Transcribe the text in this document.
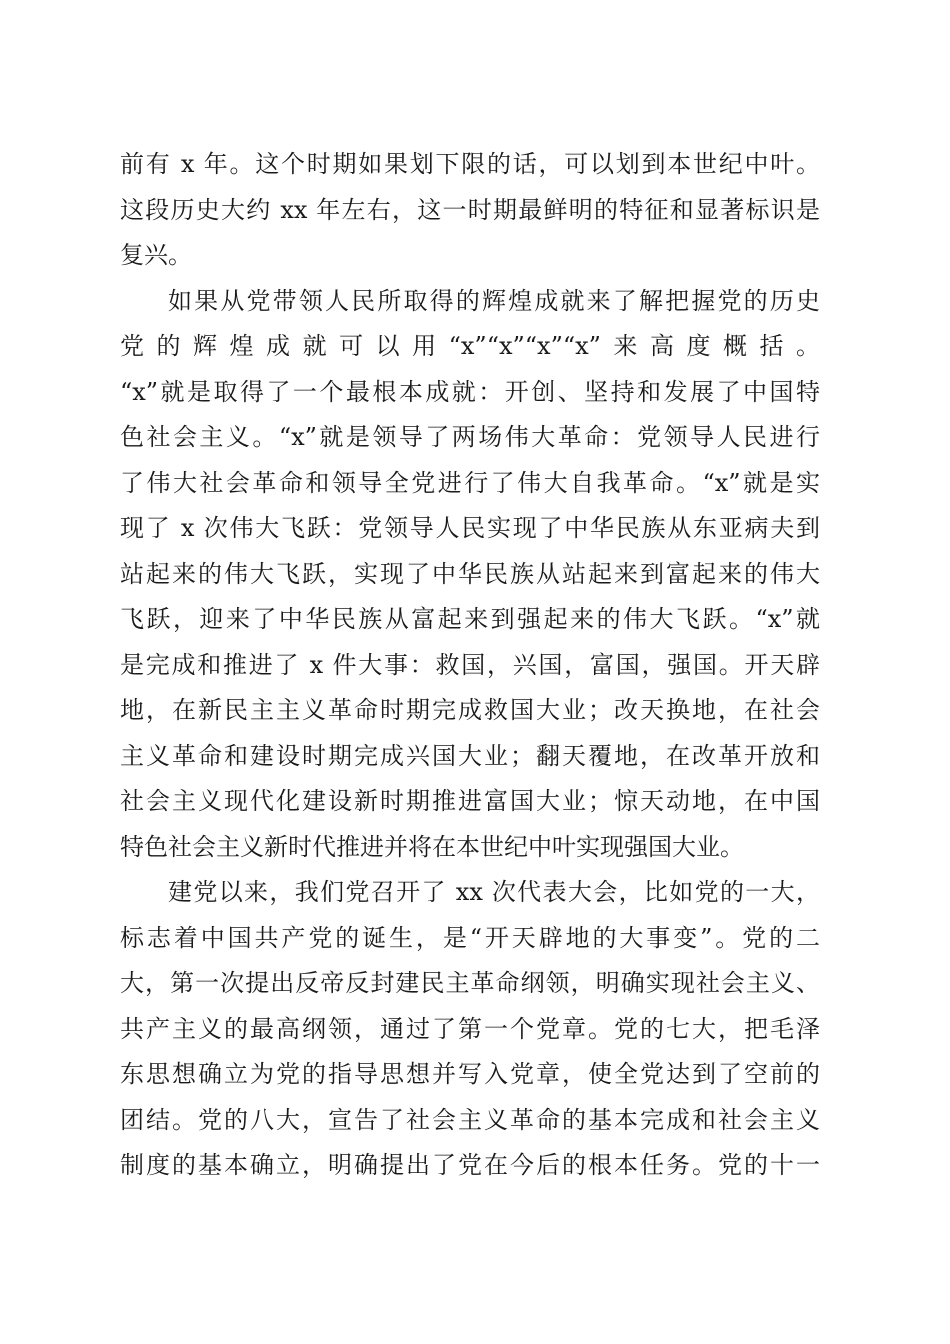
前有 x 年。这个时期如果划下限的话，可以划到本世纪中叶。
这段历史大约 xx 年左右，这一时期最鲜明的特征和显著标识是
复兴。
如果从党带领人民所取得的辉煌成就来了解把握党的历史
党的辉煌成就可以用“x”“x”“x”“x”来高度概括。
“x”就是取得了一个最根本成就：开创、坚持和发展了中国特
色社会主义。“x”就是领导了两场伟大革命：党领导人民进行
了伟大社会革命和领导全党进行了伟大自我革命。“x”就是实
现了 x 次伟大飞跃：党领导人民实现了中华民族从东亚病夫到
站起来的伟大飞跃，实现了中华民族从站起来到富起来的伟大
飞跃，迎来了中华民族从富起来到强起来的伟大飞跃。“x”就
是完成和推进了 x 件大事：救国，兴国，富国，强国。开天辟
地，在新民主主义革命时期完成救国大业；改天换地，在社会
主义革命和建设时期完成兴国大业；翻天覆地，在改革开放和
社会主义现代化建设新时期推进富国大业；惊天动地，在中国
特色社会主义新时代推进并将在本世纪中叶实现强国大业。
建党以来，我们党召开了 xx 次代表大会，比如党的一大，
标志着中国共产党的诞生，是“开天辟地的大事变”。党的二
大，第一次提出反帝反封建民主革命纲领，明确实现社会主义、
共产主义的最高纲领，通过了第一个党章。党的七大，把毛泽
东思想确立为党的指导思想并写入党章，使全党达到了空前的
团结。党的八大，宣告了社会主义革命的基本完成和社会主义
制度的基本确立，明确提出了党在今后的根本任务。党的十一
